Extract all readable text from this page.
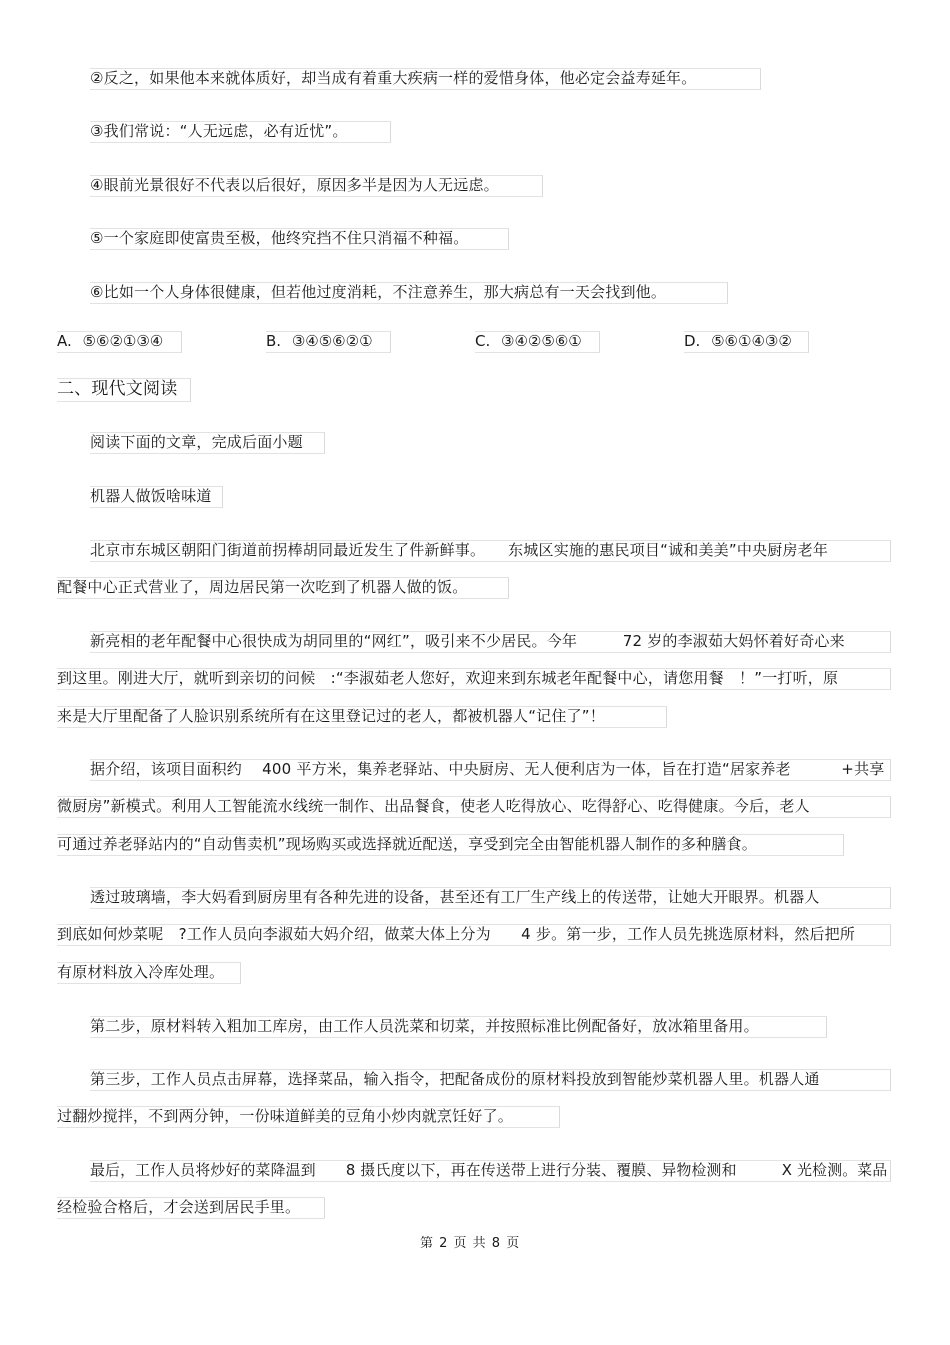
②反之，如果他本来就体质好，却当成有着重大疾病一样的爱惜身体，他必定会益寿延年。
③我们常说：“人无远虑，必有近忧”。
④眼前光景很好不代表以后很好，原因多半是因为人无远虑。
⑤一个家庭即使富贵至极，他终究挡不住只消福不种福。
⑥比如一个人身体很健康，但若他过度消耗，不注意养生，那大病总有一天会找到他。
A. ⑤⑥②①③④	B. ③④⑤⑥②①	C. ③④②⑤⑥①	D. ⑤⑥①④③②
二、现代文阅读
阅读下面的文章，完成后面小题
机器人做饭啥味道
北京市东城区朝阳门街道前拐棒胡同最近发生了件新鲜事。　　东城区实施的惠民项目“诚和美美”中央厨房老年
配餐中心正式营业了，周边居民第一次吃到了机器人做的饭。
新亮相的老年配餐中心很快成为胡同里的“网红”，吸引来不少居民。今年　　　72 岁的李淑茹大妈怀着好奇心来
到这里。刚进大厅，就听到亲切的问候　:“李淑茹老人您好，欢迎来到东城老年配餐中心，请您用餐　！”一打听，原
来是大厅里配备了人脸识别系统所有在这里登记过的老人，都被机器人“记住了”！
据介绍，该项目面积约　 400 平方米，集养老驿站、中央厨房、无人便利店为一体，旨在打造“居家养老　　　 +共享
微厨房”新模式。利用人工智能流水线统一制作、出品餐食，使老人吃得放心、吃得舒心、吃得健康。今后，老人
可通过养老驿站内的“自动售卖机”现场购买或选择就近配送，享受到完全由智能机器人制作的多种膳食。
透过玻璃墙，李大妈看到厨房里有各种先进的设备，甚至还有工厂生产线上的传送带，让她大开眼界。机器人
到底如何炒菜呢　?工作人员向李淑茹大妈介绍，做菜大体上分为　　4 步。第一步，工作人员先挑选原材料，然后把所
有原材料放入冷库处理。
第二步，原材料转入粗加工库房，由工作人员洗菜和切菜，并按照标准比例配备好，放冰箱里备用。
第三步，工作人员点击屏幕，选择菜品，输入指令，把配备成份的原材料投放到智能炒菜机器人里。机器人通
过翻炒搅拌，不到两分钟，一份味道鲜美的豆角小炒肉就烹饪好了。
最后，工作人员将炒好的菜降温到　　8 摄氏度以下，再在传送带上进行分装、覆膜、异物检测和　　　X 光检测。菜品
经检验合格后，才会送到居民手里。
第 2 页 共 8 页
